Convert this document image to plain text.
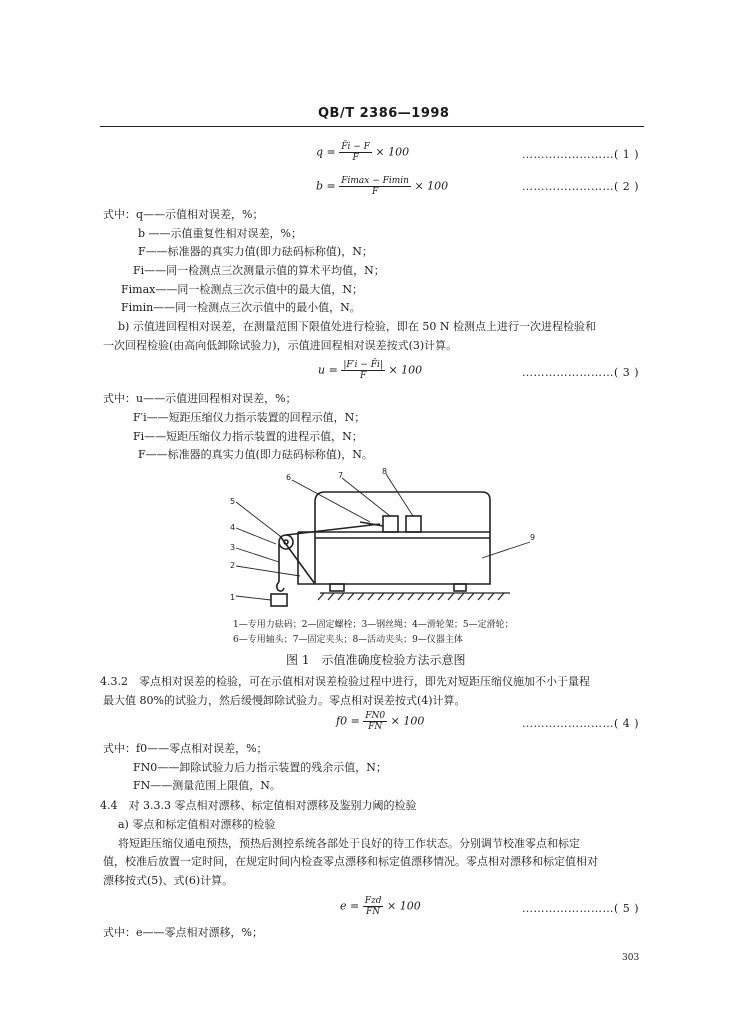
QB/T 2386—1998
$q = \frac{F̄i - F}{F} \times 100$	……………………( 1 )
$b = \frac{Fimax - Fimin}{F} \times 100$	……………………( 2 )
式中：q——示值相对误差，%；
b ——示值重复性相对误差，%；
F——标准器的真实力值(即力砝码标称值)，N；
Fi——同一检测点三次测量示值的算术平均值，N；
Fimax——同一检测点三次示值中的最大值，N；
Fimin——同一检测点三次示值中的最小值，N。
b) 示值进回程相对误差，在测量范围下限值处进行检验，即在 50 N 检测点上进行一次进程检验和
一次回程检验(由高向低卸除试验力)，示值进回程相对误差按式(3)计算。
$u = \frac{|F'i - F̄i|}{F} \times 100$	……………………( 3 )
式中：u——示值进回程相对误差，%；
F′i——短距压缩仪力指示装置的回程示值，N；
Fi——短距压缩仪力指示装置的进程示值，N；
F——标准器的真实力值(即力砝码标称值)，N。
1
2
3
4
5
6	7	8
9
1—专用力砝码；2—固定螺栓；3—钢丝绳；4—滑轮架；5—定滑轮；
6—专用轴头；7—固定夹头；8—活动夹头；9—仪器主体
图 1　示值准确度检验方法示意图
4.3.2　零点相对误差的检验，可在示值相对误差检验过程中进行，即先对短距压缩仪施加不小于量程
最大值 80%的试验力，然后缓慢卸除试验力。零点相对误差按式(4)计算。
$f0 = \frac{FN0}{FN} \times 100$	……………………( 4 )
式中：f0——零点相对误差，%；
FN0——卸除试验力后力指示装置的残余示值，N；
FN——测量范围上限值，N。
4.4　对 3.3.3 零点相对漂移、标定值相对漂移及鉴别力阈的检验
a) 零点和标定值相对漂移的检验
将短距压缩仪通电预热，预热后测控系统各部处于良好的待工作状态。分别调节校准零点和标定
值，校准后放置一定时间，在规定时间内检查零点漂移和标定值漂移情况。零点相对漂移和标定值相对
漂移按式(5)、式(6)计算。
$e = \frac{\text{Fzd}}{FN} \times 100$	……………………( 5 )
式中：e——零点相对漂移，%；
303
